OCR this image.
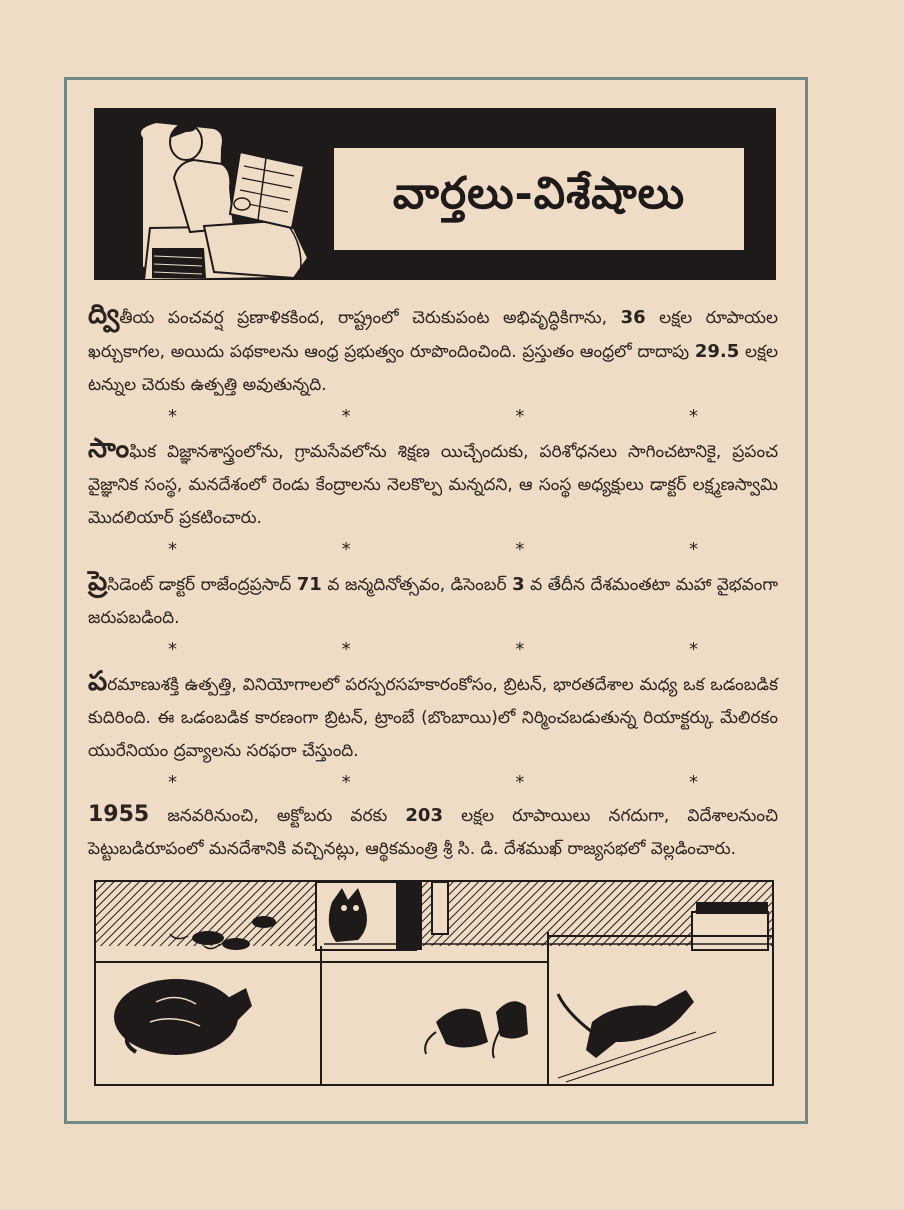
వార్తలు-విశేషాలు

ద్వితీయ పంచవర్ష ప్రణాళికకింద, రాష్ట్రంలో చెరుకుపంట అభివృద్ధికిగాను, 36 లక్షల రూపాయల ఖర్చుకాగల, అయిదు పథకాలను ఆంధ్ర ప్రభుత్వం రూపొందించింది. ప్రస్తుతం ఆంధ్రలో దాదాపు 29.5 లక్షల టన్నుల చెరుకు ఉత్పత్తి అవుతున్నది.

*	*	*	*

సాంఘిక విజ్ఞానశాస్త్రంలోను, గ్రామసేవలోను శిక్షణ యిచ్చేందుకు, పరిశోధనలు సాగించటానికై, ప్రపంచ వైజ్ఞానిక సంస్థ, మనదేశంలో రెండు కేంద్రాలను నెలకొల్ప మన్నదని, ఆ సంస్థ అధ్యక్షులు డాక్టర్ లక్ష్మణస్వామి మొదలియార్ ప్రకటించారు.

*	*	*	*

ప్రెసిడెంట్ డాక్టర్ రాజేంద్రప్రసాద్ 71 వ జన్మదినోత్సవం, డిసెంబర్ 3 వ తేదీన దేశమంతటా మహా వైభవంగా జరుపబడింది.

*	*	*	*

పరమాణుశక్తి ఉత్పత్తి, వినియోగాలలో పరస్పరసహకారంకోసం, బ్రిటన్, భారతదేశాల మధ్య ఒక ఒడంబడిక కుదిరింది. ఈ ఒడంబడిక కారణంగా బ్రిటన్, ట్రాంబే (బొంబాయి)లో నిర్మించబడుతున్న రియాక్టర్కు మేలిరకం యురేనియం ద్రవ్యాలను సరఫరా చేస్తుంది.

*	*	*	*

1955 జనవరినుంచి, అక్టోబరు వరకు 203 లక్షల రూపాయిలు నగదుగా, విదేశాలనుంచి పెట్టుబడిరూపంలో మనదేశానికి వచ్చినట్లు, ఆర్థికమంత్రి శ్రీ సి. డి. దేశముఖ్ రాజ్యసభలో వెల్లడించారు.
